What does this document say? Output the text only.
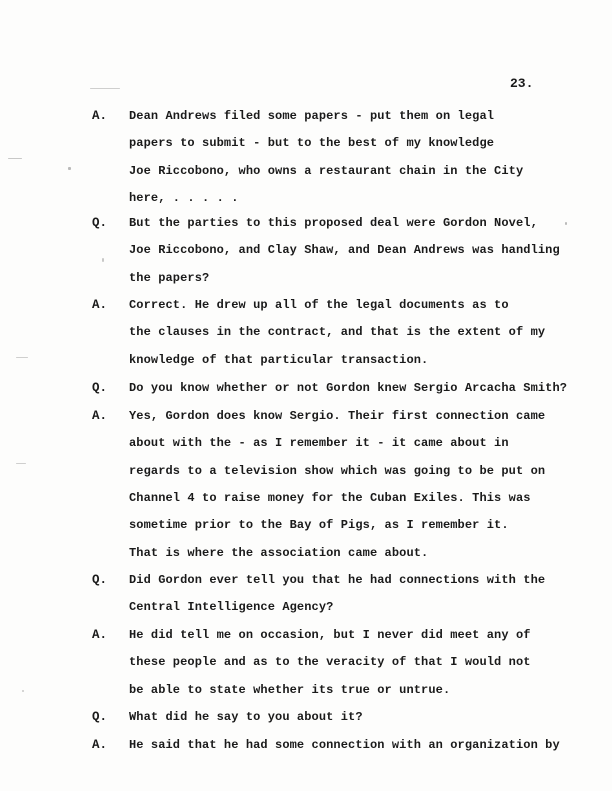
23.
A. Dean Andrews filed some papers - put them on legal
papers to submit - but to the best of my knowledge
Joe Riccobono, who owns a restaurant chain in the City
here, . . . . .
Q. But the parties to this proposed deal were Gordon Novel,
Joe Riccobono, and Clay Shaw, and Dean Andrews was handling
the papers?
A. Correct. He drew up all of the legal documents as to
the clauses in the contract, and that is the extent of my
knowledge of that particular transaction.
Q. Do you know whether or not Gordon knew Sergio Arcacha Smith?
A. Yes, Gordon does know Sergio. Their first connection came
about with the - as I remember it - it came about in
regards to a television show which was going to be put on
Channel 4 to raise money for the Cuban Exiles. This was
sometime prior to the Bay of Pigs, as I remember it.
That is where the association came about.
Q. Did Gordon ever tell you that he had connections with the
Central Intelligence Agency?
A. He did tell me on occasion, but I never did meet any of
these people and as to the veracity of that I would not
be able to state whether its true or untrue.
Q. What did he say to you about it?
A. He said that he had some connection with an organization by
